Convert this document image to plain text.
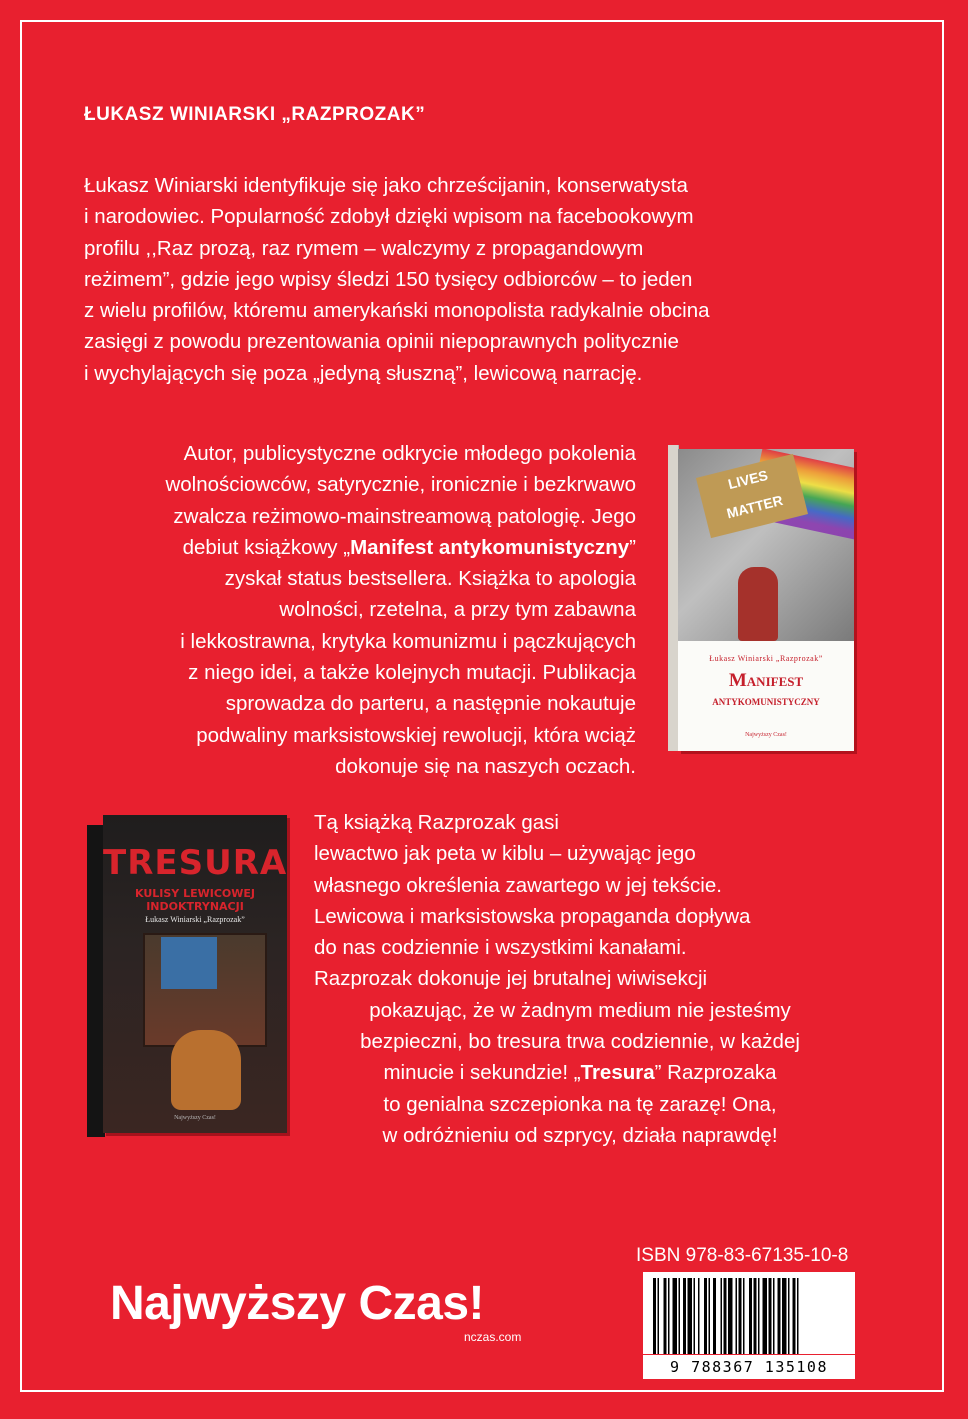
ŁUKASZ WINIARSKI „RAZPROZAK”
Łukasz Winiarski identyfikuje się jako chrześcijanin, konserwatysta
i narodowiec. Popularność zdobył dzięki wpisom na facebookowym
profilu ,,Raz prozą, raz rymem – walczymy z propagandowym
reżimem”, gdzie jego wpisy śledzi 150 tysięcy odbiorców – to jeden
z wielu profilów, któremu amerykański monopolista radykalnie obcina
zasięgi z powodu prezentowania opinii niepoprawnych politycznie
i wychylających się poza „jedyną słuszną”, lewicową narrację.
Autor, publicystyczne odkrycie młodego pokolenia
wolnościowców, satyrycznie, ironicznie i bezkrwawo
zwalcza reżimowo-mainstreamową patologię. Jego
debiut książkowy „Manifest antykomunistyczny”
zyskał status bestsellera. Książka to apologia
wolności, rzetelna, a przy tym zabawna
i lekkostrawna, krytyka komunizmu i pączkujących
z niego idei, a także kolejnych mutacji. Publikacja
sprowadza do parteru, a następnie nokautuje
podwaliny marksistowskiej rewolucji, która wciąż
dokonuje się na naszych oczach.
LIVES MATTER
Łukasz Winiarski „Razprozak”
Manifest
antykomunistyczny
Najwyższy Czas!
TRESURA
KULISY LEWICOWEJ
INDOKTRYNACJI
Łukasz Winiarski „Razprozak”
Najwyższy Czas!
Tą książką Razprozak gasi
lewactwo jak peta w kiblu – używając jego
własnego określenia zawartego w jej tekście.
Lewicowa i marksistowska propaganda dopływa
do nas codziennie i wszystkimi kanałami.
Razprozak dokonuje jej brutalnej wiwisekcji
pokazując, że w żadnym medium nie jesteśmy
bezpieczni, bo tresura trwa codziennie, w każdej
minucie i sekundzie! „Tresura” Razprozaka
to genialna szczepionka na tę zarazę! Ona,
w odróżnieniu od szprycy, działa naprawdę!
Najwyższy Czas!
nczas.com
ISBN 978-83-67135-10-8
9 788367 135108
